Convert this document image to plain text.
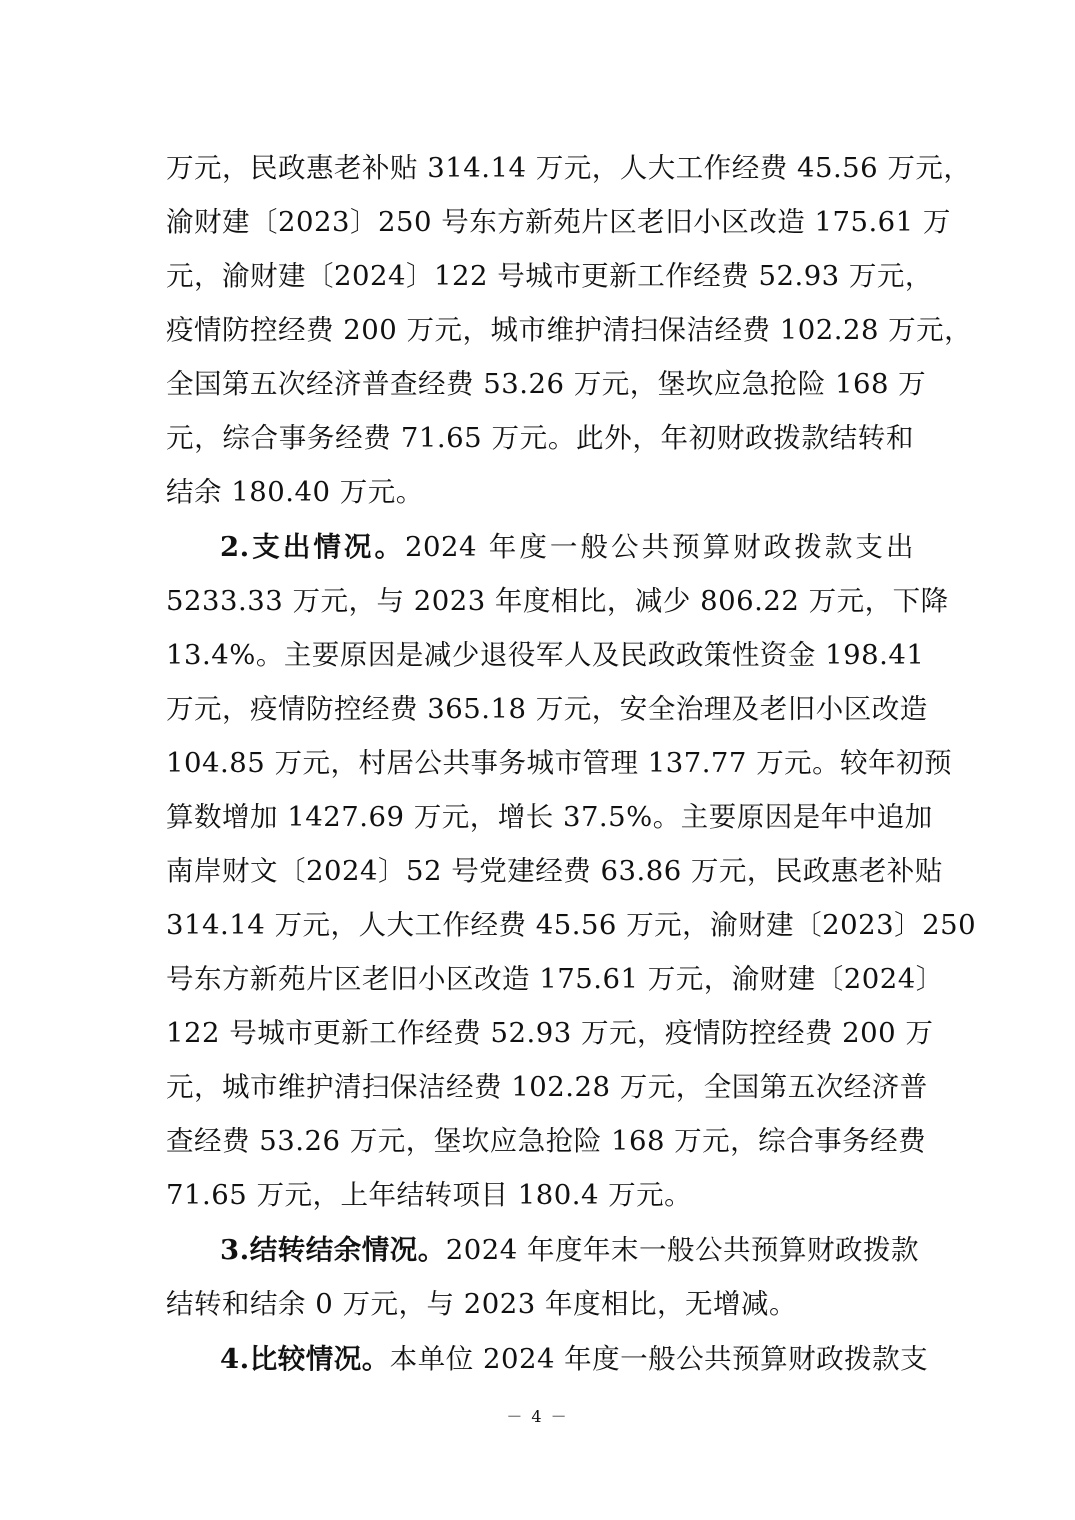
万元，民政惠老补贴 314.14 万元，人大工作经费 45.56 万元，
渝财建〔2023〕250 号东方新苑片区老旧小区改造 175.61 万
元，渝财建〔2024〕122 号城市更新工作经费 52.93 万元，
疫情防控经费 200 万元，城市维护清扫保洁经费 102.28 万元，
全国第五次经济普查经费 53.26 万元，堡坎应急抢险 168 万
元，综合事务经费 71.65 万元。此外，年初财政拨款结转和
结余 180.40 万元。
2.支出情况。2024 年度一般公共预算财政拨款支出
5233.33 万元，与 2023 年度相比，减少 806.22 万元，下降
13.4%。主要原因是减少退役军人及民政政策性资金 198.41
万元，疫情防控经费 365.18 万元，安全治理及老旧小区改造
104.85 万元，村居公共事务城市管理 137.77 万元。较年初预
算数增加 1427.69 万元，增长 37.5%。主要原因是年中追加
南岸财文〔2024〕52 号党建经费 63.86 万元，民政惠老补贴
314.14 万元，人大工作经费 45.56 万元，渝财建〔2023〕250
号东方新苑片区老旧小区改造 175.61 万元，渝财建〔2024〕
122 号城市更新工作经费 52.93 万元，疫情防控经费 200 万
元，城市维护清扫保洁经费 102.28 万元，全国第五次经济普
查经费 53.26 万元，堡坎应急抢险 168 万元，综合事务经费
71.65 万元，上年结转项目 180.4 万元。
3.结转结余情况。2024 年度年末一般公共预算财政拨款
结转和结余 0 万元，与 2023 年度相比，无增减。
4.比较情况。本单位 2024 年度一般公共预算财政拨款支
－ 4 －
